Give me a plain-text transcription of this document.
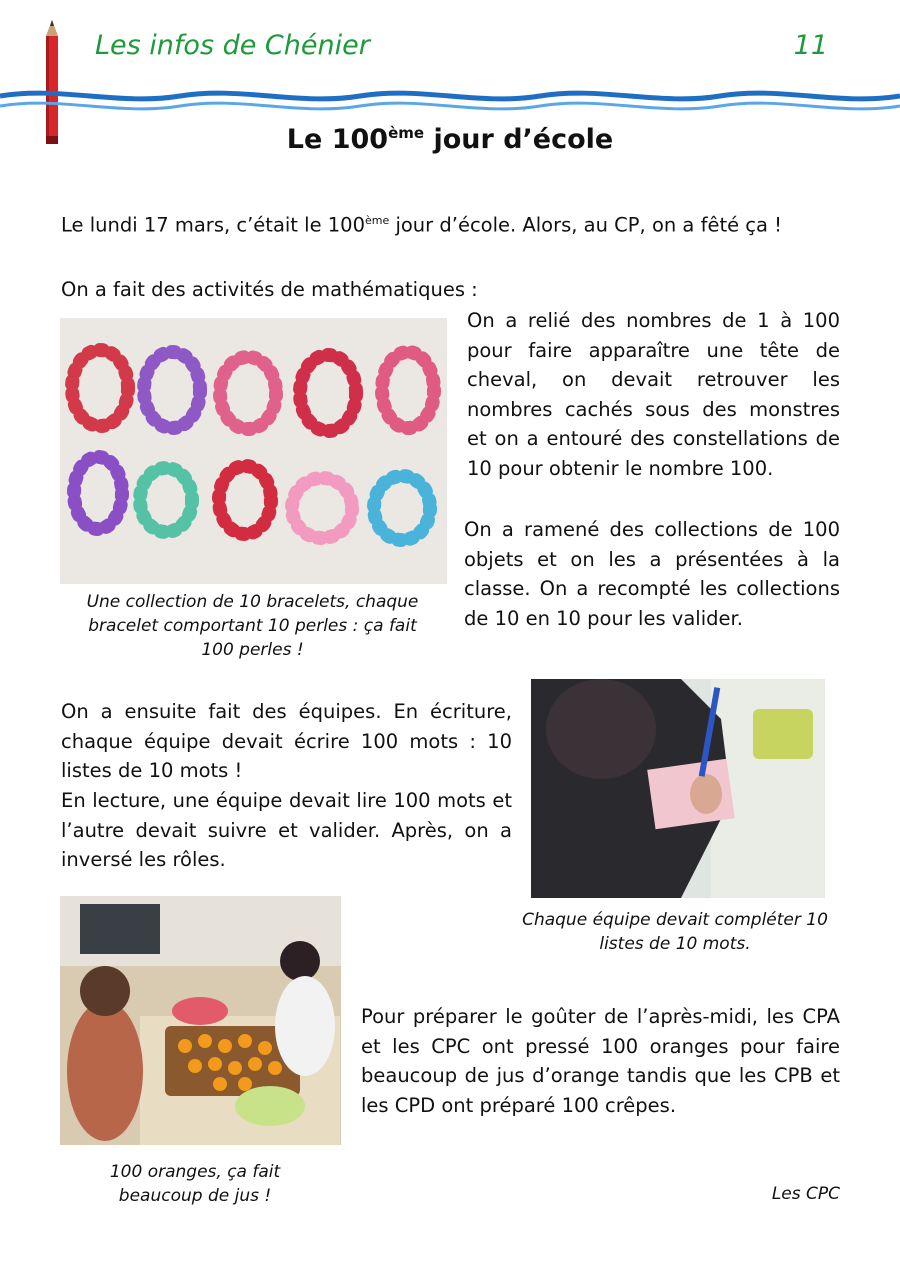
Les infos de Chénier	11
Le 100ème jour d’école

Le lundi 17 mars, c’était le 100ème jour d’école. Alors, au CP, on a fêté ça !

On a fait des activités de mathématiques :

Une collection de 10 bracelets, chaque bracelet comportant 10 perles : ça fait 100 perles !

On a relié des nombres de 1 à 100 pour faire apparaître une tête de cheval, on devait retrouver les nombres cachés sous des monstres et on a entouré des constellations de 10 pour obtenir le nombre 100.

On a ramené des collections de 100 objets et on les a présentées à la classe. On a recompté les collections de 10 en 10 pour les valider.

On a ensuite fait des équipes. En écriture, chaque équipe devait écrire 100 mots : 10 listes de 10 mots !

En lecture, une équipe devait lire 100 mots et l’autre devait suivre et valider. Après, on a inversé les rôles.

Chaque équipe devait compléter 10 listes de 10 mots.
100 oranges, ça fait beaucoup de jus !

Pour préparer le goûter de l’après-midi, les CPA et les CPC ont pressé 100 oranges pour faire beaucoup de jus d’orange tandis que les CPB et les CPD ont préparé 100 crêpes.

Les CPC
